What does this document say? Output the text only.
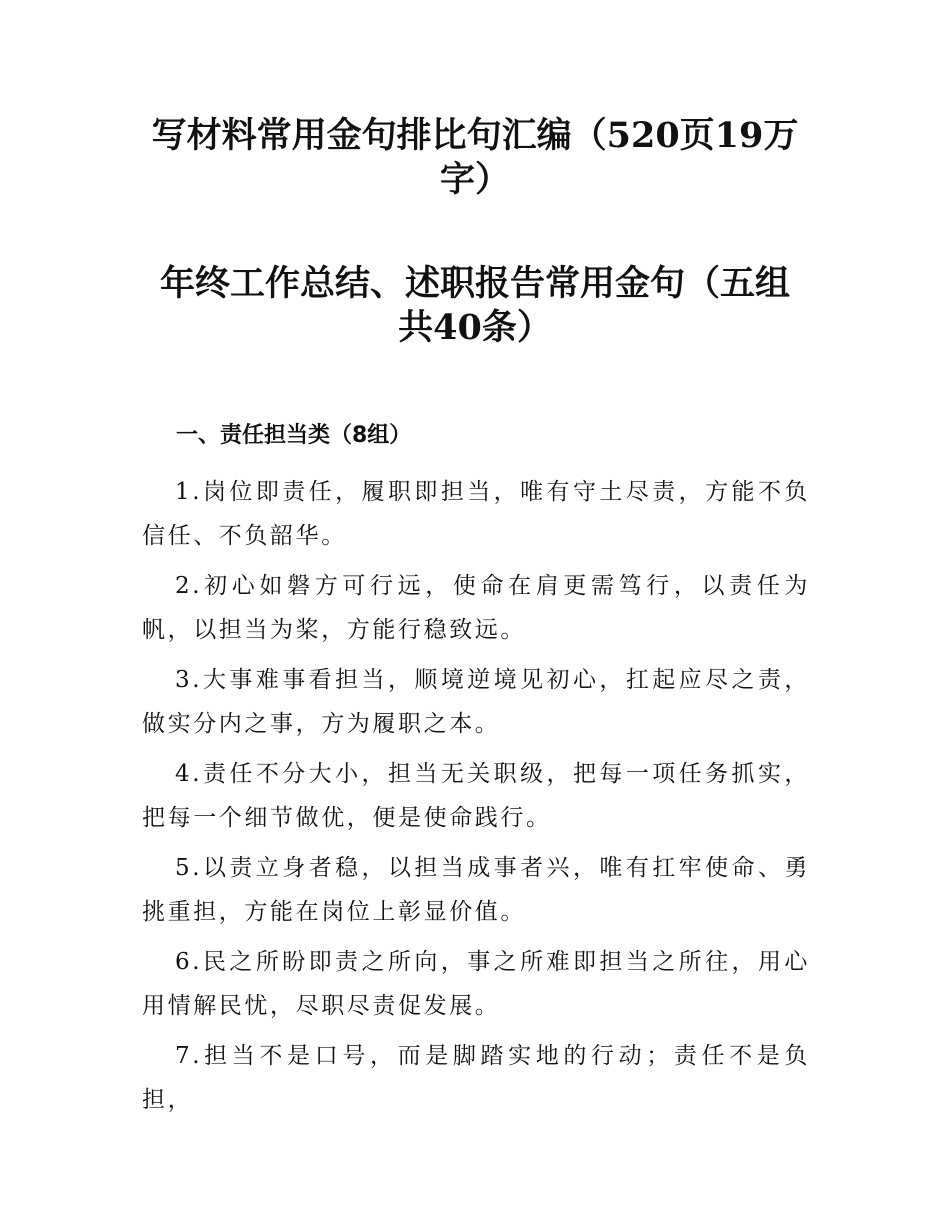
写材料常用金句排比句汇编（520页19万字）
年终工作总结、述职报告常用金句（五组共40条）
一、责任担当类（8组）

1.岗位即责任，履职即担当，唯有守土尽责，方能不负信任、不负韶华。

2.初心如磐方可行远，使命在肩更需笃行，以责任为帆，以担当为桨，方能行稳致远。

3.大事难事看担当，顺境逆境见初心，扛起应尽之责，做实分内之事，方为履职之本。

4.责任不分大小，担当无关职级，把每一项任务抓实，把每一个细节做优，便是使命践行。

5.以责立身者稳，以担当成事者兴，唯有扛牢使命、勇挑重担，方能在岗位上彰显价值。

6.民之所盼即责之所向，事之所难即担当之所往，用心用情解民忧，尽职尽责促发展。

7.担当不是口号，而是脚踏实地的行动；责任不是负担，
